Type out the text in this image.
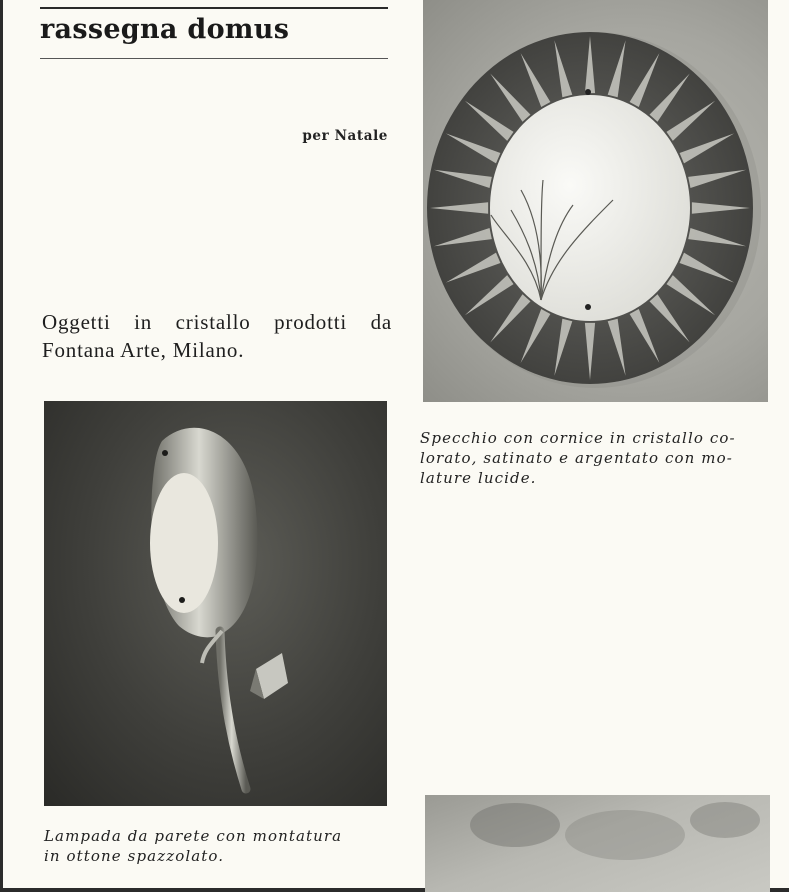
rassegna domus
per Natale

Oggetti in cristallo prodotti da
Fontana Arte, Milano.

Specchio con cornice in cristallo co-
lorato, satinato e argentato con mo-
lature lucide.

Lampada da parete con montatura
in ottone spazzolato.
